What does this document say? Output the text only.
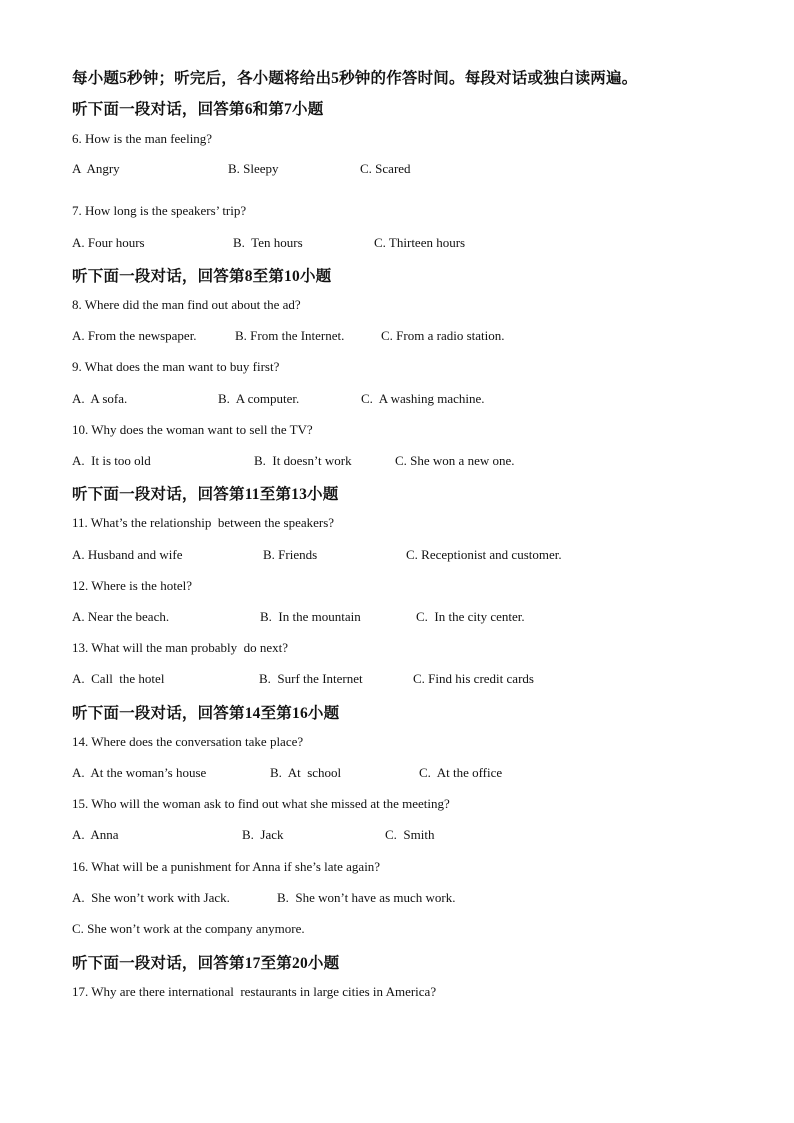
每小题5秒钟；听完后，各小题将给出5秒钟的作答时间。每段对话或独白读两遍。
听下面一段对话，回答第6和第7小题
6. How is the man feeling?
A  Angry	B. Sleepy	C. Scared
7. How long is the speakers’ trip?
A. Four hours	B.  Ten hours	C. Thirteen hours
听下面一段对话，回答第8至第10小题
8. Where did the man find out about the ad?
A. From the newspaper.	B. From the Internet.	C. From a radio station.
9. What does the man want to buy first?
A.  A sofa.	B.  A computer.	C.  A washing machine.
10. Why does the woman want to sell the TV?
A.  It is too old	B.  It doesn’t work	C. She won a new one.
听下面一段对话，回答第11至第13小题
11. What’s the relationship  between the speakers?
A. Husband and wife	B. Friends	C. Receptionist and customer.
12. Where is the hotel?
A. Near the beach.	B.  In the mountain	C.  In the city center.
13. What will the man probably  do next?
A.  Call  the hotel	B.  Surf the Internet	C. Find his credit cards
听下面一段对话，回答第14至第16小题
14. Where does the conversation take place?
A.  At the woman’s house	B.  At  school	C.  At the office
15. Who will the woman ask to find out what she missed at the meeting?
A.  Anna	B.  Jack	C.  Smith
16. What will be a punishment for Anna if she’s late again?
A.  She won’t work with Jack.	B.  She won’t have as much work.
C. She won’t work at the company anymore.
听下面一段对话，回答第17至第20小题
17. Why are there international  restaurants in large cities in America?
